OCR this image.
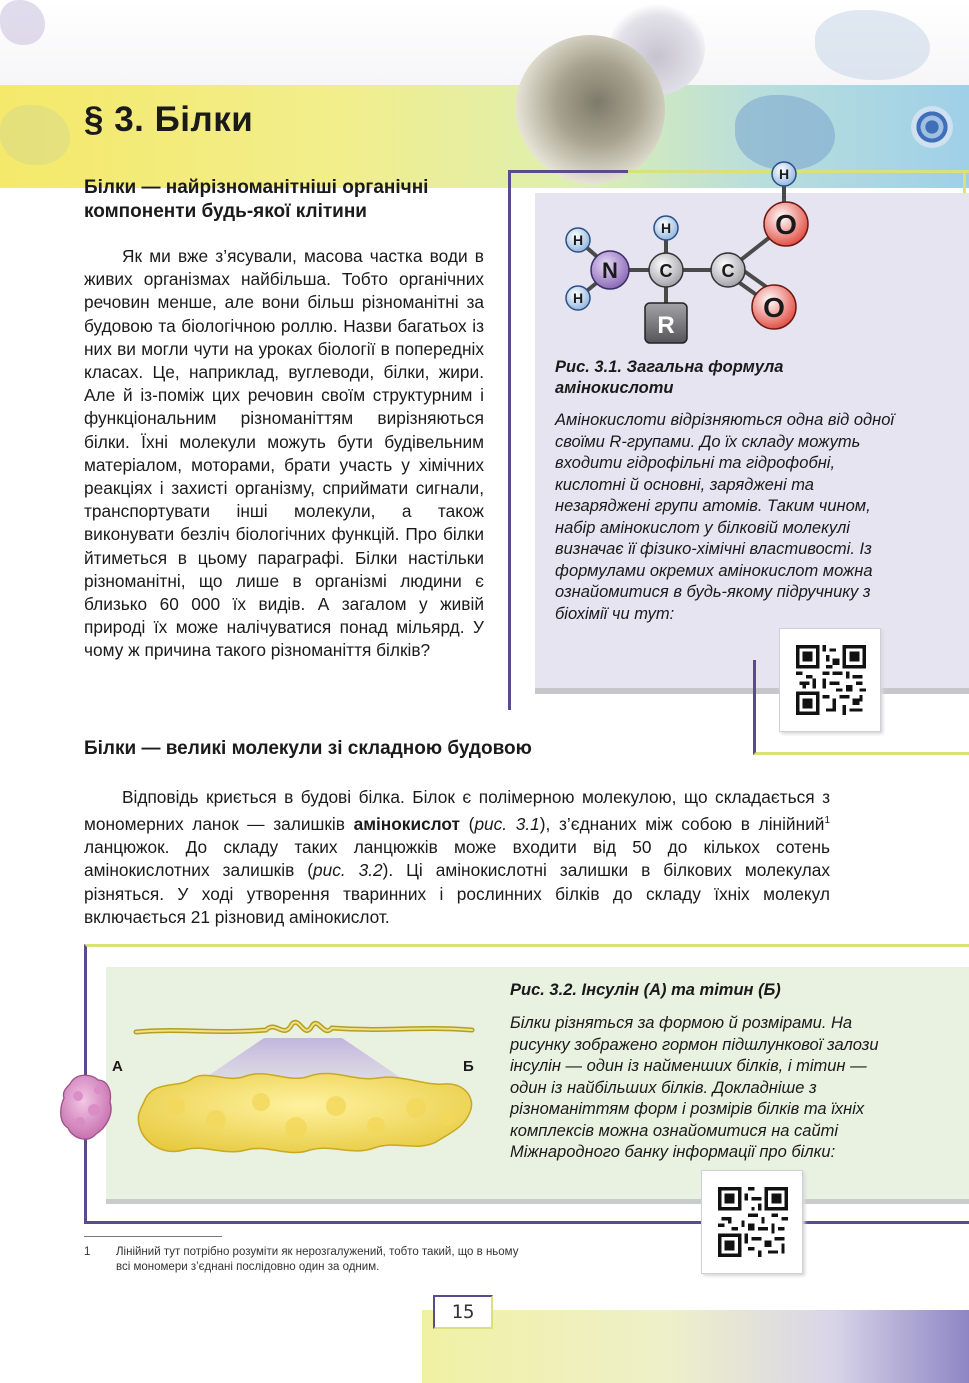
§ 3. Білки
Білки — найрізноманітніші органічні компоненти будь-якої клітини

Як ми вже з’ясували, масова частка води в живих організмах найбільша. Тобто органічних речовин менше, але вони більш різноманітні за будовою та біологічною роллю. Назви багатьох із них ви могли чути на уроках біології в попередніх класах. Це, наприклад, вуглеводи, білки, жири. Але й із-поміж цих речовин своїм структурним і функціональним різноманіттям вирізняються білки. Їхні молекули можуть бути будівельним матеріалом, моторами, брати участь у хімічних реакціях і захисті організму, сприймати сигнали, транспортувати інші молекули, а також виконувати безліч біологічних функцій. Про білки йтиметься в цьому параграфі. Білки настільки різноманітні, що лише в організмі людини є близько 60 000 їх видів. А загалом у живій природі їх може налічуватися понад мільярд. У чому ж причина такого різноманіття білків?

H
H
H
H
N C	C
O
O
R
Рис. 3.1. Загальна формула амінокислоти
Амінокислоти відрізняються одна від одної своїми R-групами. До їх складу можуть входити гідрофільні та гідрофобні, кислотні й основні, заряджені та незаряджені групи атомів. Таким чином, набір амінокислот у білковій молекулі визначає її фізико-хімічні властивості. Із формулами окремих амінокислот можна ознайомитися в будь-якому підручнику з біохімії чи тут:
Білки — великі молекули зі складною будовою

Відповідь криється в будові білка. Білок є полімерною молекулою, що складається з мономерних ланок — залишків амінокислот (рис. 3.1), з’єднаних між собою в лінійний$^1$ ланцюжок. До складу таких ланцюжків може входити від 50 до кількох сотень амінокислотних залишків (рис. 3.2). Ці амінокислотні залишки в білкових молекулах різняться. У ході утворення тваринних і рослинних білків до складу їхніх молекул включається 21 різновид амінокислот.

А	Б
Рис. 3.2. Інсулін (А) та тітин (Б)
Білки різняться за формою й розмірами. На рисунку зображено гормон підшлункової залози інсулін — один із найменших білків, і тітин — один із найбільших білків. Докладніше з різноманіттям форм і розмірів білків та їхніх комплексів можна ознайомитися на сайті Міжнародного банку інформації про білки:
1 Лінійний тут потрібно розуміти як нерозгалужений, тобто такий, що в ньому всі мономери з’єднані послідовно один за одним.
15
